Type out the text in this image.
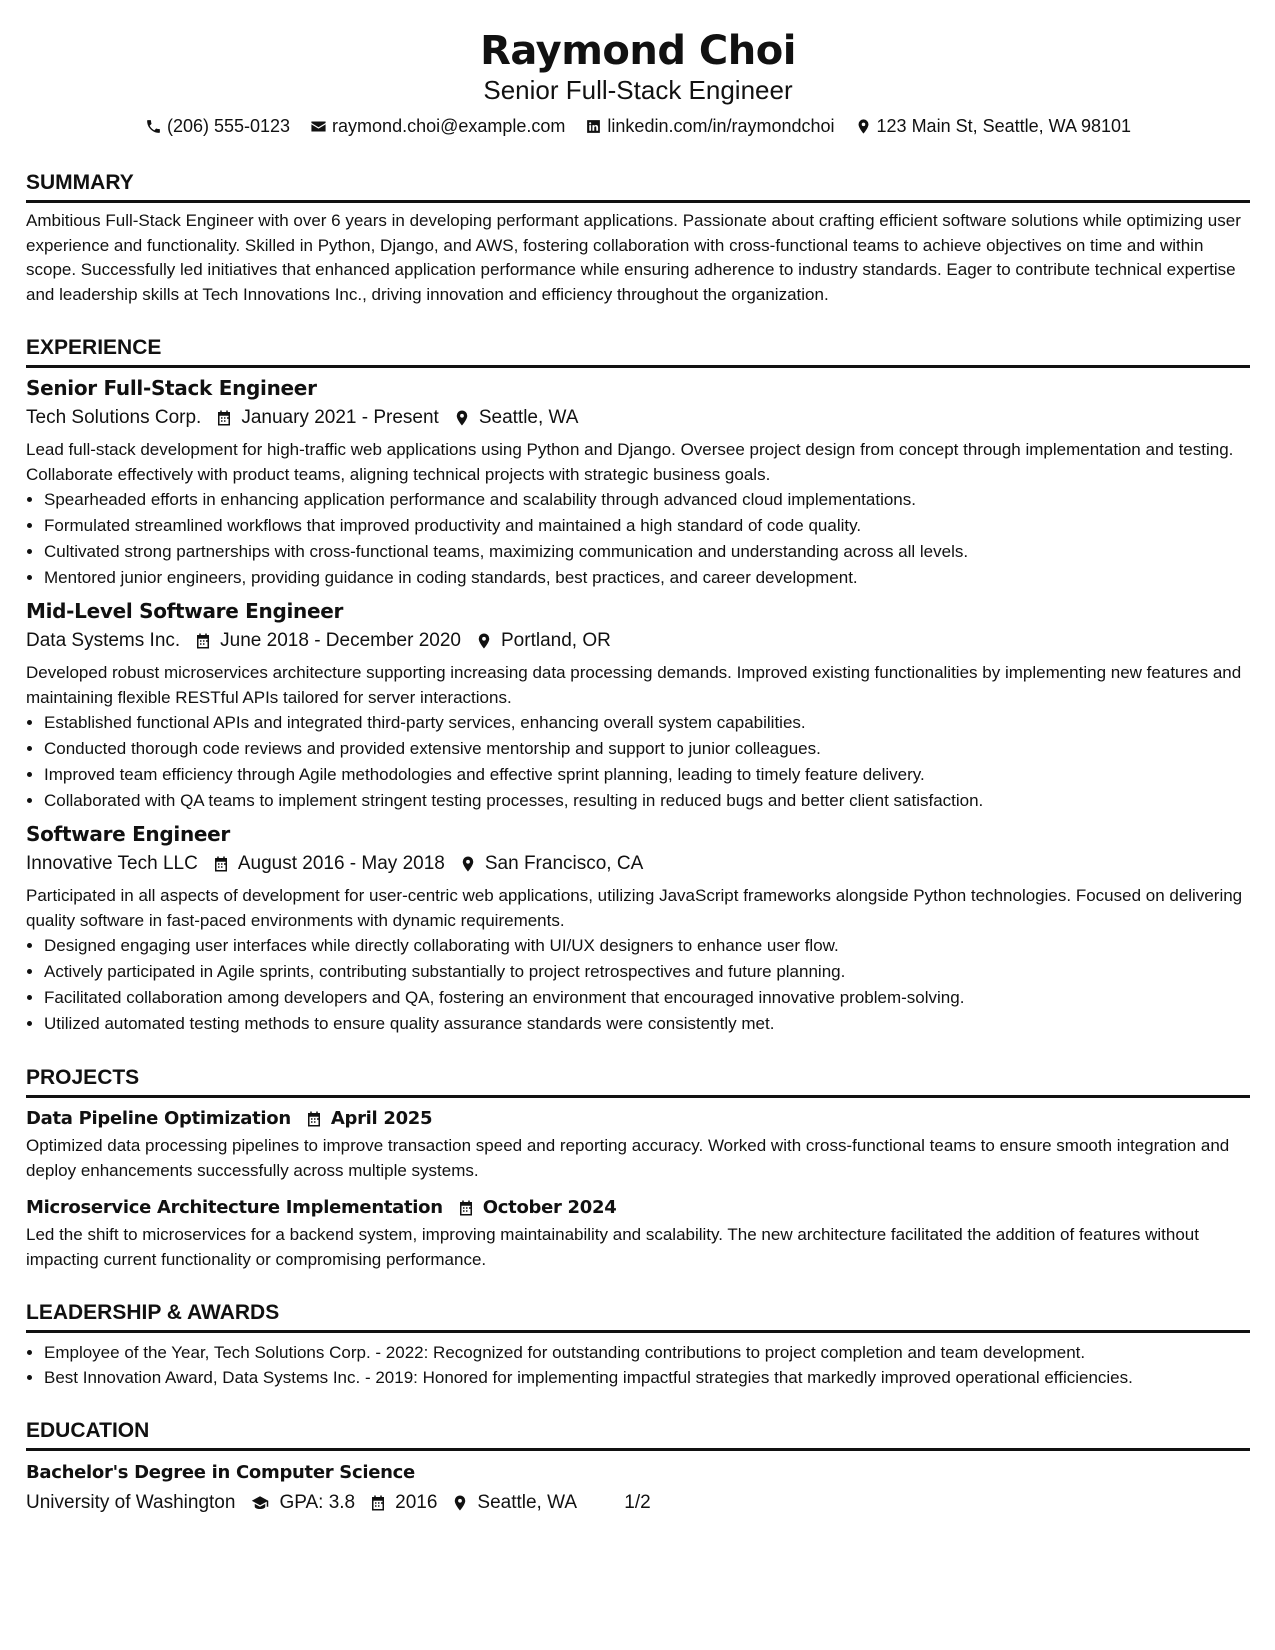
Raymond Choi
Senior Full-Stack Engineer
(206) 555-0123 raymond.choi@example.com linkedin.com/in/raymondchoi 123 Main St, Seattle, WA 98101
SUMMARY
Ambitious Full-Stack Engineer with over 6 years in developing performant applications. Passionate about crafting efficient software solutions while optimizing user experience and functionality. Skilled in Python, Django, and AWS, fostering collaboration with cross-functional teams to achieve objectives on time and within scope. Successfully led initiatives that enhanced application performance while ensuring adherence to industry standards. Eager to contribute technical expertise and leadership skills at Tech Innovations Inc., driving innovation and efficiency throughout the organization.
EXPERIENCE
Senior Full-Stack Engineer
Tech Solutions Corp. January 2021 - Present Seattle, WA
Lead full-stack development for high-traffic web applications using Python and Django. Oversee project design from concept through implementation and testing. Collaborate effectively with product teams, aligning technical projects with strategic business goals.
• Spearheaded efforts in enhancing application performance and scalability through advanced cloud implementations.
• Formulated streamlined workflows that improved productivity and maintained a high standard of code quality.
• Cultivated strong partnerships with cross-functional teams, maximizing communication and understanding across all levels.
• Mentored junior engineers, providing guidance in coding standards, best practices, and career development.
Mid-Level Software Engineer
Data Systems Inc. June 2018 - December 2020 Portland, OR
Developed robust microservices architecture supporting increasing data processing demands. Improved existing functionalities by implementing new features and maintaining flexible RESTful APIs tailored for server interactions.
• Established functional APIs and integrated third-party services, enhancing overall system capabilities.
• Conducted thorough code reviews and provided extensive mentorship and support to junior colleagues.
• Improved team efficiency through Agile methodologies and effective sprint planning, leading to timely feature delivery.
• Collaborated with QA teams to implement stringent testing processes, resulting in reduced bugs and better client satisfaction.
Software Engineer
Innovative Tech LLC August 2016 - May 2018 San Francisco, CA
Participated in all aspects of development for user-centric web applications, utilizing JavaScript frameworks alongside Python technologies. Focused on delivering quality software in fast-paced environments with dynamic requirements.
• Designed engaging user interfaces while directly collaborating with UI/UX designers to enhance user flow.
• Actively participated in Agile sprints, contributing substantially to project retrospectives and future planning.
• Facilitated collaboration among developers and QA, fostering an environment that encouraged innovative problem-solving.
• Utilized automated testing methods to ensure quality assurance standards were consistently met.
PROJECTS
Data Pipeline Optimization April 2025
Optimized data processing pipelines to improve transaction speed and reporting accuracy. Worked with cross-functional teams to ensure smooth integration and deploy enhancements successfully across multiple systems.
Microservice Architecture Implementation October 2024
Led the shift to microservices for a backend system, improving maintainability and scalability. The new architecture facilitated the addition of features without impacting current functionality or compromising performance.
LEADERSHIP & AWARDS
• Employee of the Year, Tech Solutions Corp. - 2022: Recognized for outstanding contributions to project completion and team development.
• Best Innovation Award, Data Systems Inc. - 2019: Honored for implementing impactful strategies that markedly improved operational efficiencies.
EDUCATION
Bachelor's Degree in Computer Science
University of Washington GPA: 3.8 2016 Seattle, WA	1/2
